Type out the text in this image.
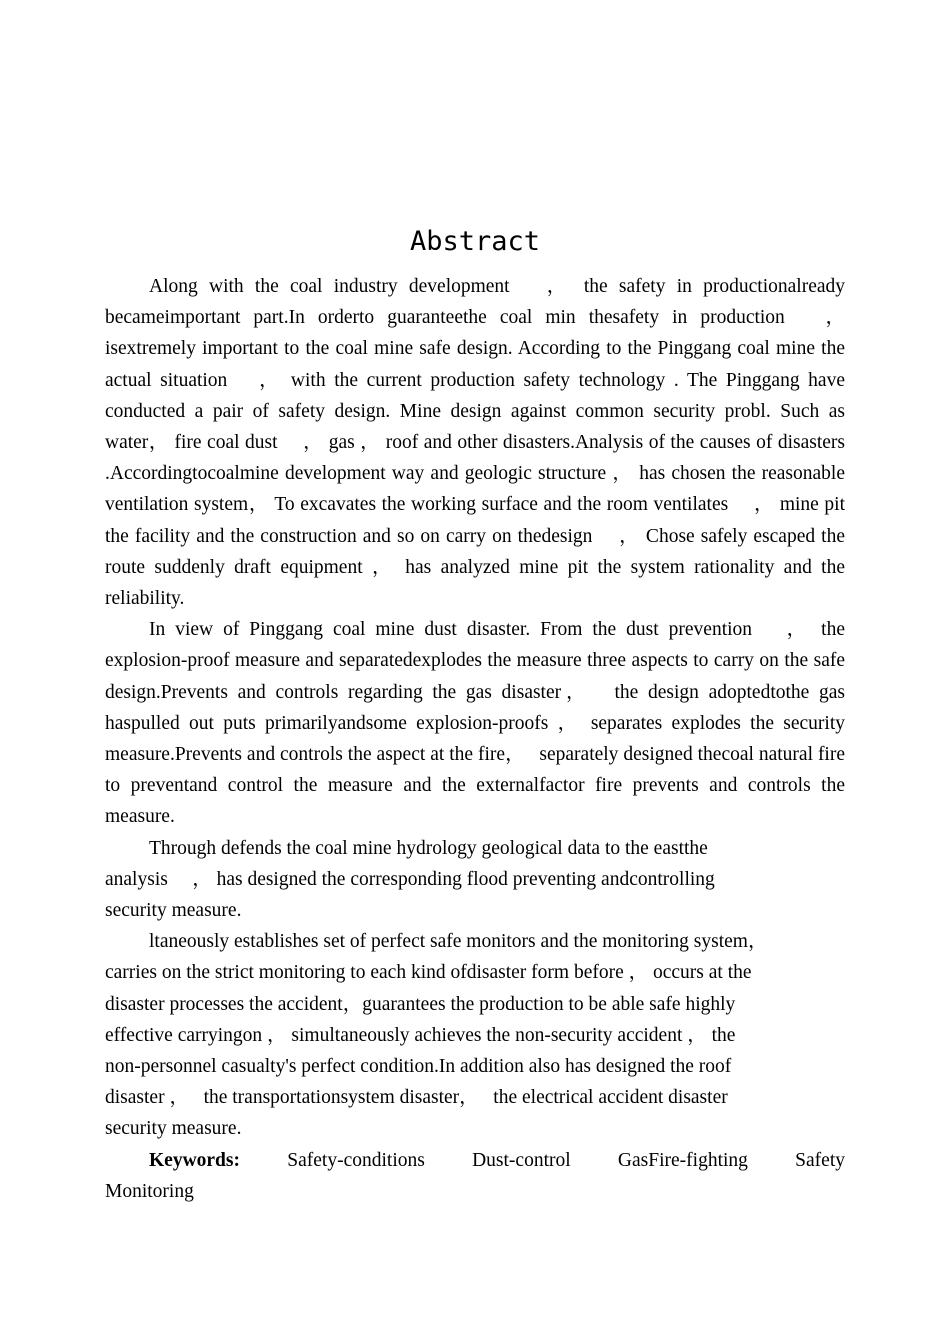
Abstract

Along with the coal industry development 　， the safety in productionalready becameimportant part.In orderto guaranteethe coal min thesafety in production 　， isextremely important to the coal mine safe design. According to the Pinggang coal mine the actual situation 　， with the current production safety technology . The Pinggang have conducted a pair of safety design. Mine design against common security probl. Such as water， fire coal dust 　， gas ， roof and other disasters.Analysis of the causes of disasters .Accordingtocoalmine development way and geologic structure ， has chosen the reasonable ventilation system， To excavates the working surface and the room ventilates 　， mine pit the facility and the construction and so on carry on thedesign 　， Chose safely escaped the route suddenly draft equipment ， has analyzed mine pit the system rationality and the reliability.

In view of Pinggang coal mine dust disaster. From the dust prevention 　， the explosion-proof measure and separatedexplodes the measure three aspects to carry on the safe design.Prevents and controls regarding the gas disaster，　 the design adoptedtothe gas haspulled out puts primarilyandsome explosion-proofs ， separates explodes the security measure.Prevents and controls the aspect at the fire，　 separately designed thecoal natural fire to preventand control the measure and the externalfactor fire prevents and controls the measure.

Through defends the coal mine hydrology geological data to the eastthe analysis 　， has designed the corresponding flood preventing andcontrolling security measure.

ltaneously establishes set of perfect safe monitors and the monitoring system， carries on the strict monitoring to each kind ofdisaster form before ， occurs at the disaster processes the accident，guarantees the production to be able safe highly effective carryingon ， simultaneously achieves the non-security accident ， the non-personnel casualty's perfect condition.In addition also has designed the roof disaster ，　 the transportationsystem disaster，　 the electrical accident disaster security measure.

Keywords: Safety-conditions Dust-control GasFire-fighting Safety Monitoring
